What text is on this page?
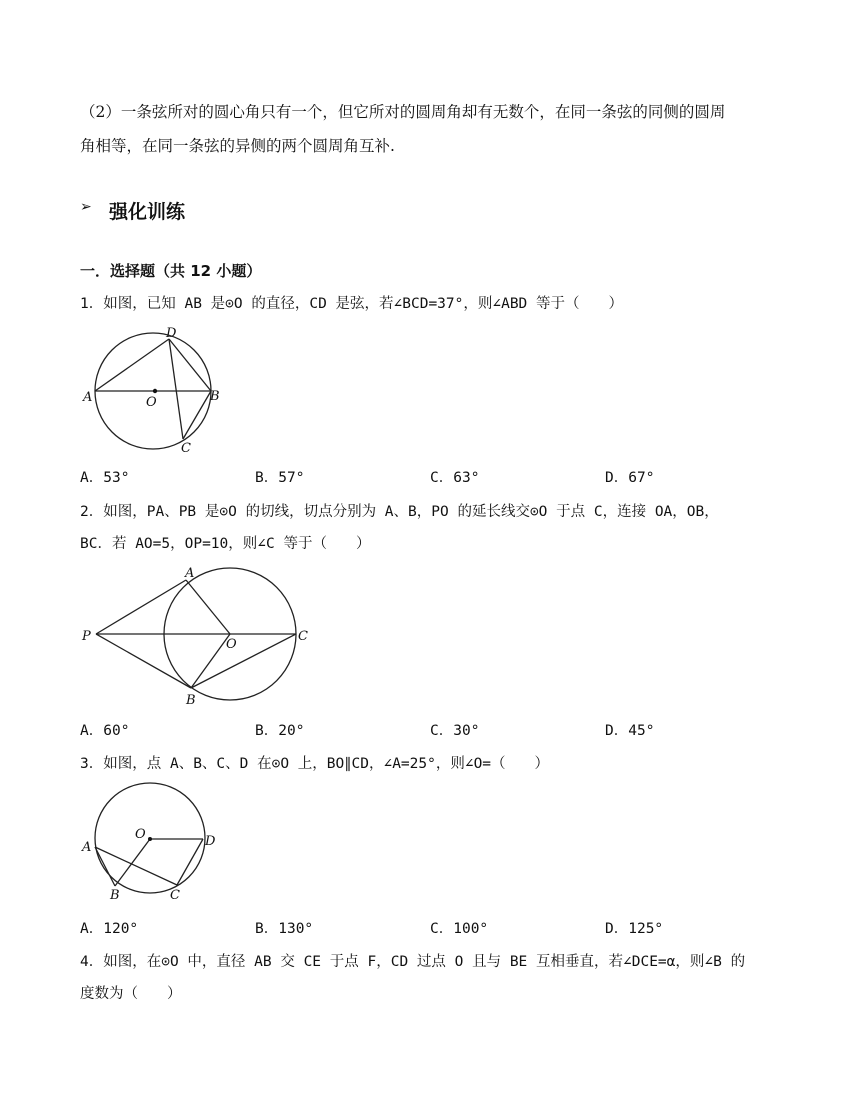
（2）一条弦所对的圆心角只有一个，但它所对的圆周角却有无数个，在同一条弦的同侧的圆周
角相等，在同一条弦的异侧的两个圆周角互补.
➢ 强化训练
一．选择题（共 12 小题）
1．如图，已知 AB 是⊙O 的直径，CD 是弦，若∠BCD=37°，则∠ABD 等于（　　）
A	B
C
D
O
A．53°	B．57°	C．63°	D．67°
2．如图，PA、PB 是⊙O 的切线，切点分别为 A、B，PO 的延长线交⊙O 于点 C，连接 OA，OB，
BC．若 AO=5，OP=10，则∠C 等于（　　）
A
B
C
O
P
A．60°	B．20°	C．30°	D．45°
3．如图，点 A、B、C、D 在⊙O 上，BO∥CD，∠A=25°，则∠O=（　　）
A
B	C
D
O
A．120°	B．130°	C．100°	D．125°
4．如图，在⊙O 中，直径 AB 交 CE 于点 F，CD 过点 O 且与 BE 互相垂直，若∠DCE=α，则∠B 的
度数为（　　）
